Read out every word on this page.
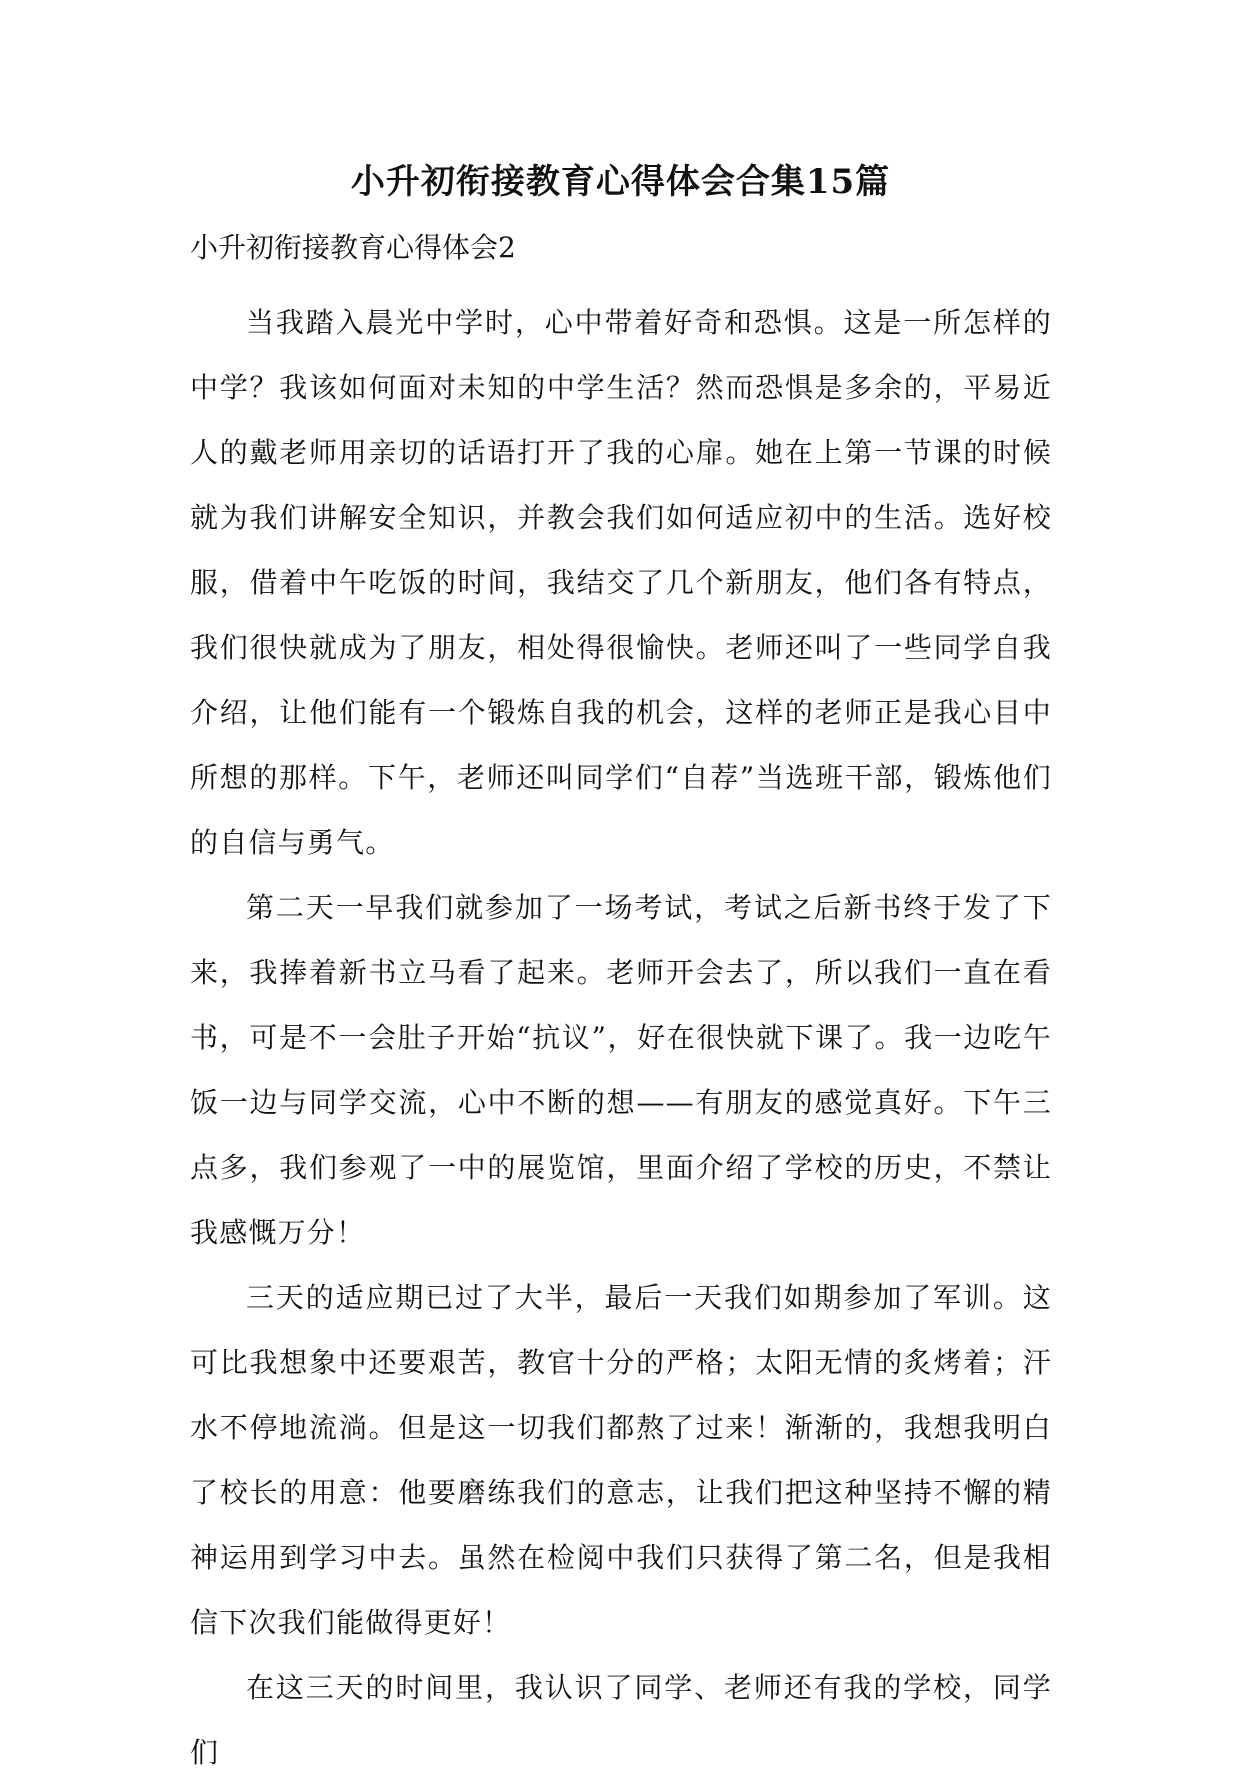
小升初衔接教育心得体会合集15篇
小升初衔接教育心得体会2

当我踏入晨光中学时，心中带着好奇和恐惧。这是一所怎样的中学？我该如何面对未知的中学生活？然而恐惧是多余的，平易近人的戴老师用亲切的话语打开了我的心扉。她在上第一节课的时候就为我们讲解安全知识，并教会我们如何适应初中的生活。选好校服，借着中午吃饭的时间，我结交了几个新朋友，他们各有特点，我们很快就成为了朋友，相处得很愉快。老师还叫了一些同学自我介绍，让他们能有一个锻炼自我的机会，这样的老师正是我心目中所想的那样。下午，老师还叫同学们“自荐”当选班干部，锻炼他们的自信与勇气。

第二天一早我们就参加了一场考试，考试之后新书终于发了下来，我捧着新书立马看了起来。老师开会去了，所以我们一直在看书，可是不一会肚子开始“抗议”，好在很快就下课了。我一边吃午饭一边与同学交流，心中不断的想——有朋友的感觉真好。下午三点多，我们参观了一中的展览馆，里面介绍了学校的历史，不禁让我感慨万分！

三天的适应期已过了大半，最后一天我们如期参加了军训。这可比我想象中还要艰苦，教官十分的严格；太阳无情的炙烤着；汗水不停地流淌。但是这一切我们都熬了过来！渐渐的，我想我明白了校长的用意：他要磨练我们的意志，让我们把这种坚持不懈的精神运用到学习中去。虽然在检阅中我们只获得了第二名，但是我相信下次我们能做得更好！

在这三天的时间里，我认识了同学、老师还有我的学校，同学们
